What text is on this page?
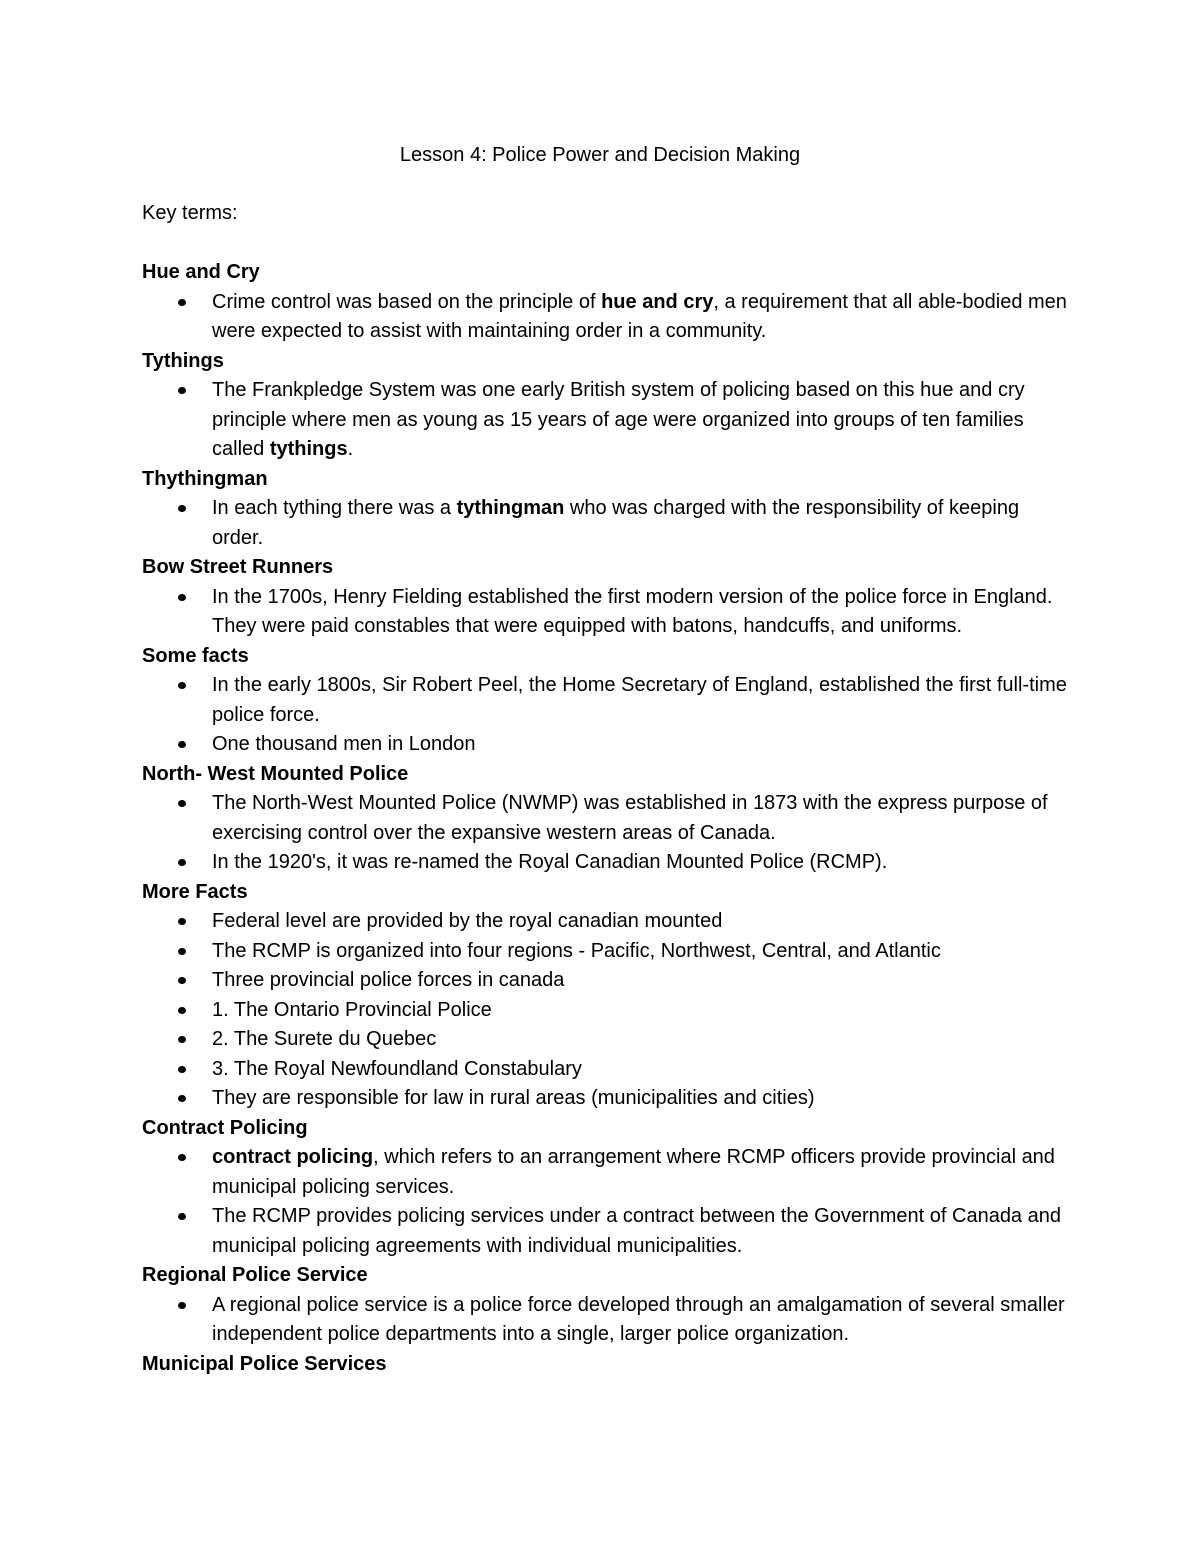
Lesson 4: Police Power and Decision Making
Key terms:
Hue and Cry
Crime control was based on the principle of hue and cry, a requirement that all able-bodied men were expected to assist with maintaining order in a community.
Tythings
The Frankpledge System was one early British system of policing based on this hue and cry principle where men as young as 15 years of age were organized into groups of ten families called tythings.
Thythingman
In each tything there was a tythingman who was charged with the responsibility of keeping order.
Bow Street Runners
In the 1700s, Henry Fielding established the first modern version of the police force in England. They were paid constables that were equipped with batons, handcuffs, and uniforms.
Some facts
In the early 1800s, Sir Robert Peel, the Home Secretary of England, established the first full-time police force.
One thousand men in London
North- West Mounted Police
The North-West Mounted Police (NWMP) was established in 1873 with the express purpose of exercising control over the expansive western areas of Canada.
In the 1920's, it was re-named the Royal Canadian Mounted Police (RCMP).
More Facts
Federal level are provided by the royal canadian mounted
The RCMP is organized into four regions - Pacific, Northwest, Central, and Atlantic
Three provincial police forces in canada
1. The Ontario Provincial Police
2. The Surete du Quebec
3. The Royal Newfoundland Constabulary
They are responsible for law in rural areas (municipalities and cities)
Contract Policing
contract policing, which refers to an arrangement where RCMP officers provide provincial and municipal policing services.
The RCMP provides policing services under a contract between the Government of Canada and municipal policing agreements with individual municipalities.
Regional Police Service
A regional police service is a police force developed through an amalgamation of several smaller independent police departments into a single, larger police organization.
Municipal Police Services
